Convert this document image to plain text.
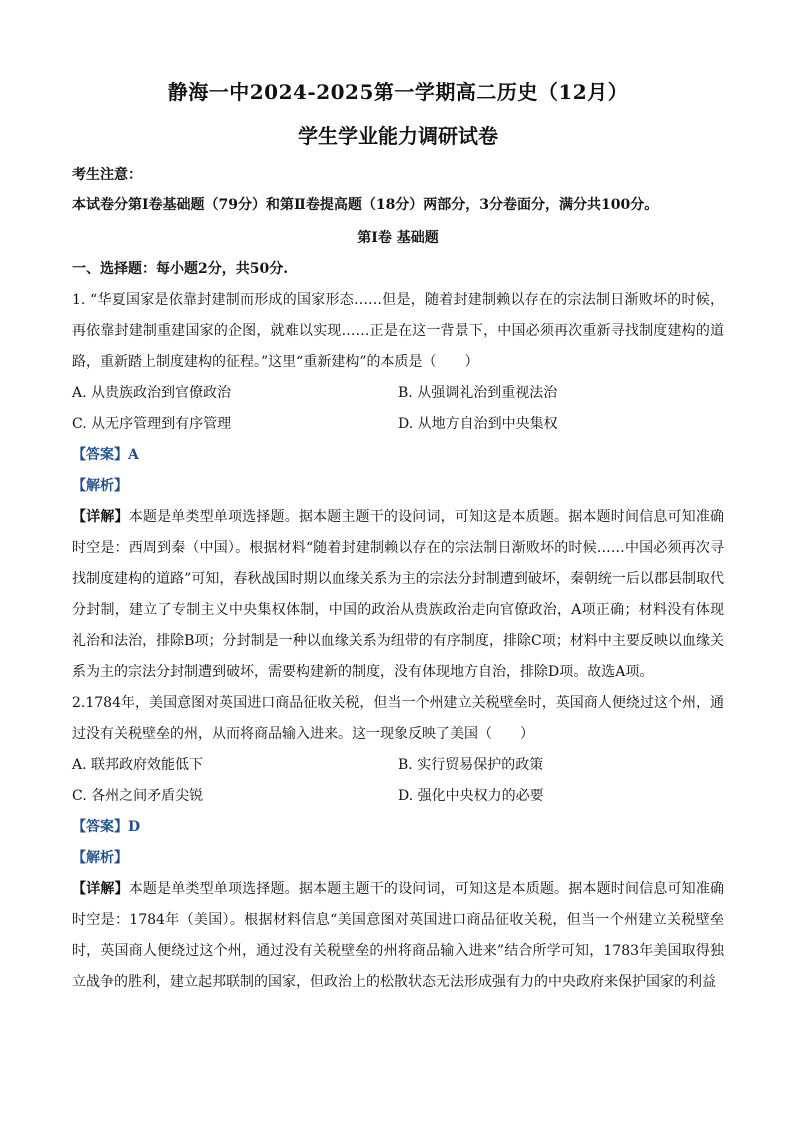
静海一中2024-2025第一学期高二历史（12月）
学生学业能力调研试卷
考生注意：
本试卷分第Ⅰ卷基础题（79分）和第Ⅱ卷提高题（18分）两部分，3分卷面分，满分共100分。
第Ⅰ卷 基础题
一、选择题：每小题2分，共50分.
1. “华夏国家是依靠封建制而形成的国家形态……但是，随着封建制赖以存在的宗法制日渐败坏的时候，再依靠封建制重建国家的企图，就难以实现……正是在这一背景下，中国必须再次重新寻找制度建构的道路，重新踏上制度建构的征程。”这里“重新建构”的本质是（　　）
A. 从贵族政治到官僚政治	B. 从强调礼治到重视法治
C. 从无序管理到有序管理	D. 从地方自治到中央集权
【答案】A
【解析】
【详解】本题是单类型单项选择题。据本题主题干的设问词，可知这是本质题。据本题时间信息可知准确时空是：西周到秦（中国）。根据材料“随着封建制赖以存在的宗法制日渐败坏的时候……中国必须再次寻找制度建构的道路”可知，春秋战国时期以血缘关系为主的宗法分封制遭到破坏，秦朝统一后以郡县制取代分封制，建立了专制主义中央集权体制，中国的政治从贵族政治走向官僚政治，A项正确；材料没有体现礼治和法治，排除B项；分封制是一种以血缘关系为纽带的有序制度，排除C项；材料中主要反映以血缘关系为主的宗法分封制遭到破坏，需要构建新的制度，没有体现地方自治，排除D项。故选A项。
2.1784年，美国意图对英国进口商品征收关税，但当一个州建立关税壁垒时，英国商人便绕过这个州，通过没有关税壁垒的州，从而将商品输入进来。这一现象反映了美国（　　）
A. 联邦政府效能低下	B. 实行贸易保护的政策
C. 各州之间矛盾尖锐	D. 强化中央权力的必要
【答案】D
【解析】
【详解】本题是单类型单项选择题。据本题主题干的设问词，可知这是本质题。据本题时间信息可知准确时空是：1784年（美国）。根据材料信息“美国意图对英国进口商品征收关税，但当一个州建立关税壁垒时，英国商人便绕过这个州，通过没有关税壁垒的州将商品输入进来”结合所学可知，1783年美国取得独立战争的胜利，建立起邦联制的国家，但政治上的松散状态无法形成强有力的中央政府来保护国家的利益
